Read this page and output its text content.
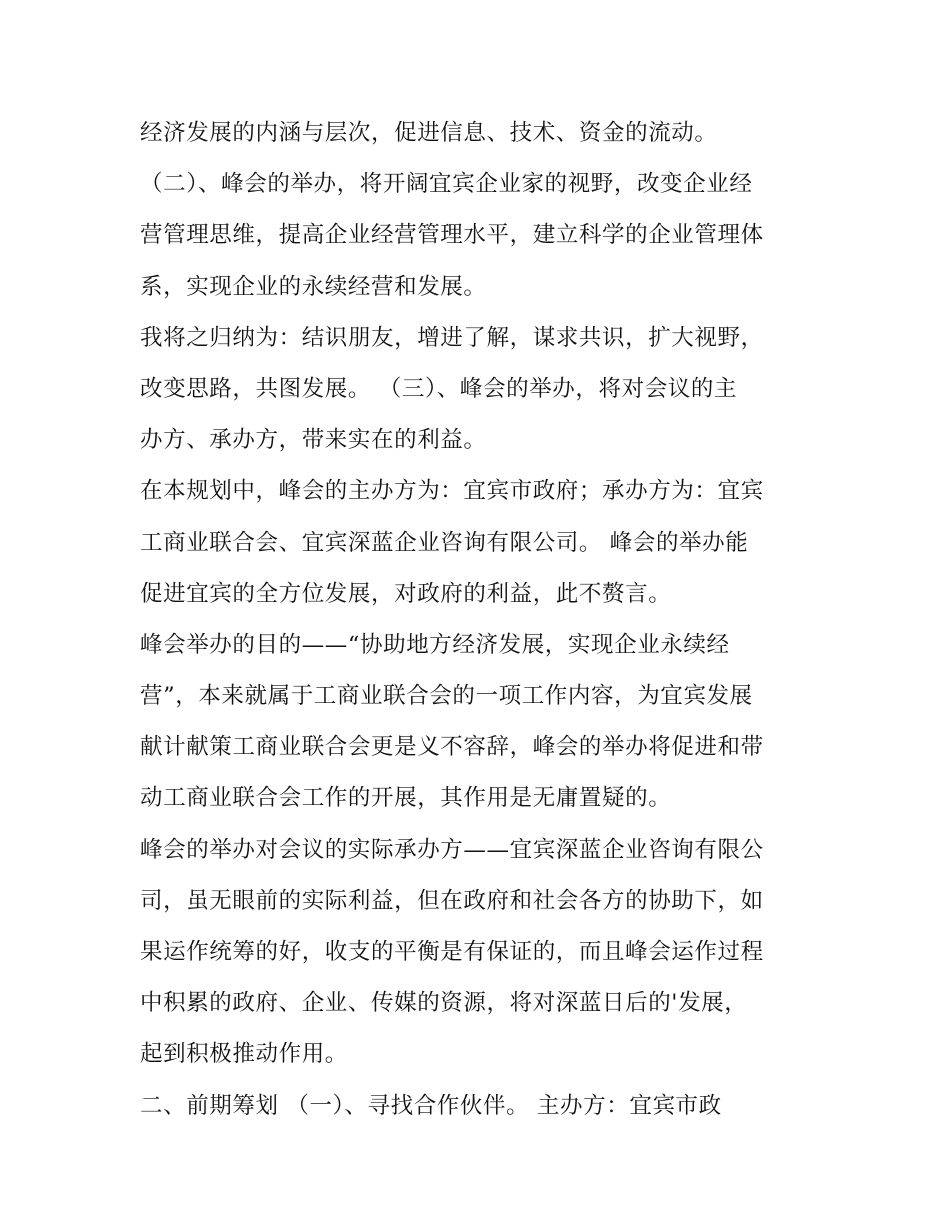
经济发展的内涵与层次，促进信息、技术、资金的流动。
（二）、峰会的举办，将开阔宜宾企业家的视野，改变企业经
营管理思维，提高企业经营管理水平，建立科学的企业管理体
系，实现企业的永续经营和发展。
我将之归纳为：结识朋友，增进了解，谋求共识，扩大视野，
改变思路，共图发展。 （三）、峰会的举办，将对会议的主
办方、承办方，带来实在的利益。
在本规划中，峰会的主办方为：宜宾市政府；承办方为：宜宾
工商业联合会、宜宾深蓝企业咨询有限公司。 峰会的举办能
促进宜宾的全方位发展，对政府的利益，此不赘言。
峰会举办的目的——“协助地方经济发展，实现企业永续经
营”，本来就属于工商业联合会的一项工作内容，为宜宾发展
献计献策工商业联合会更是义不容辞，峰会的举办将促进和带
动工商业联合会工作的开展，其作用是无庸置疑的。
峰会的举办对会议的实际承办方——宜宾深蓝企业咨询有限公
司，虽无眼前的实际利益，但在政府和社会各方的协助下，如
果运作统筹的好，收支的平衡是有保证的，而且峰会运作过程
中积累的政府、企业、传媒的资源，将对深蓝日后的'发展，
起到积极推动作用。
二、前期筹划 （一）、寻找合作伙伴。 主办方：宜宾市政
